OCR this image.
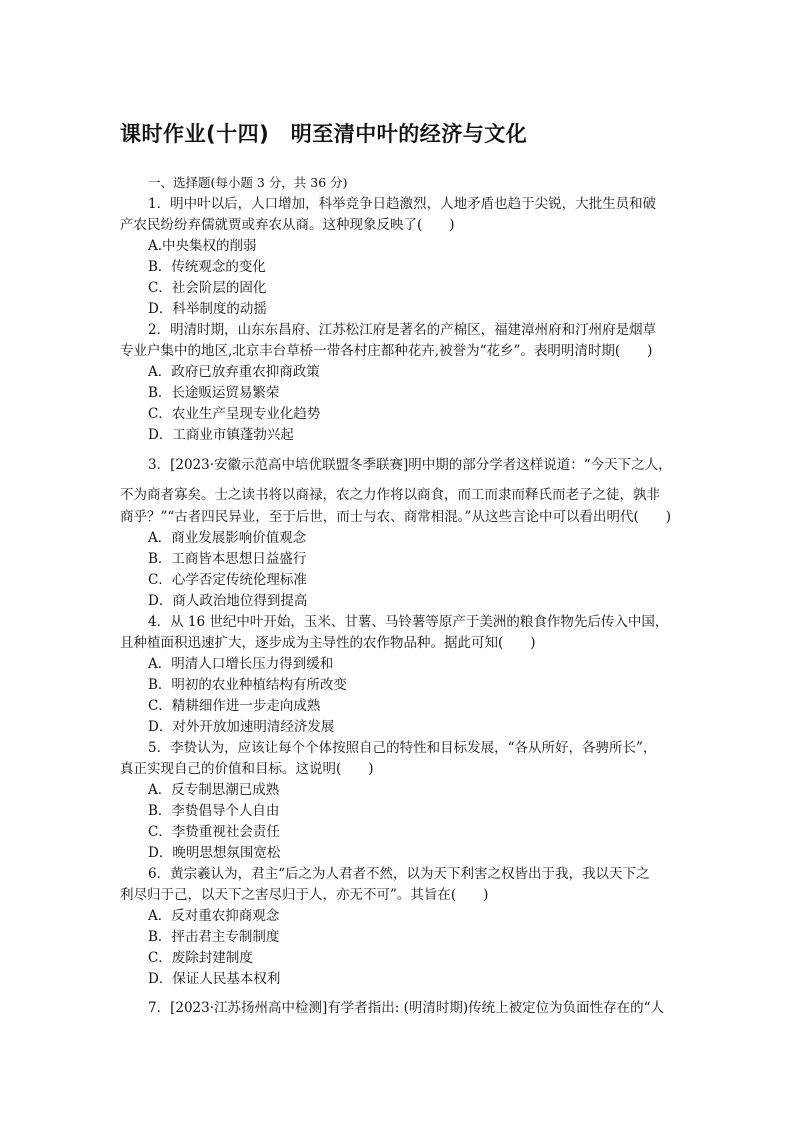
课时作业(十四)　明至清中叶的经济与文化
一、选择题(每小题 3 分，共 36 分)
1．明中叶以后，人口增加，科举竞争日趋激烈，人地矛盾也趋于尖锐，大批生员和破
产农民纷纷弃儒就贾或弃农从商。这种现象反映了(　　)
A.中央集权的削弱
B．传统观念的变化
C．社会阶层的固化
D．科举制度的动摇
2．明清时期，山东东昌府、江苏松江府是著名的产棉区，福建漳州府和汀州府是烟草
专业户集中的地区,北京丰台草桥一带各村庄都种花卉,被誉为“花乡”。表明明清时期(　　)
A．政府已放弃重农抑商政策
B．长途贩运贸易繁荣
C．农业生产呈现专业化趋势
D．工商业市镇蓬勃兴起
3．[2023·安徽示范高中培优联盟冬季联赛]明中期的部分学者这样说道：“今天下之人，
不为商者寡矣。士之读书将以商禄，农之力作将以商食，而工而隶而释氏而老子之徒，孰非
商乎？”“古者四民异业，至于后世，而士与农、商常相混。”从这些言论中可以看出明代(　　)
A．商业发展影响价值观念
B．工商皆本思想日益盛行
C．心学否定传统伦理标准
D．商人政治地位得到提高
4．从 16 世纪中叶开始，玉米、甘薯、马铃薯等原产于美洲的粮食作物先后传入中国，
且种植面积迅速扩大，逐步成为主导性的农作物品种。据此可知(　　)
A．明清人口增长压力得到缓和
B．明初的农业种植结构有所改变
C．精耕细作进一步走向成熟
D．对外开放加速明清经济发展
5．李贽认为，应该让每个个体按照自己的特性和目标发展，“各从所好，各骋所长”，
真正实现自己的价值和目标。这说明(　　)
A．反专制思潮已成熟
B．李贽倡导个人自由
C．李贽重视社会责任
D．晚明思想氛围宽松
6．黄宗羲认为，君主“后之为人君者不然，以为天下利害之权皆出于我，我以天下之
利尽归于己，以天下之害尽归于人，亦无不可”。其旨在(　　)
A．反对重农抑商观念
B．抨击君主专制制度
C．废除封建制度
D．保证人民基本权利
7．[2023·江苏扬州高中检测]有学者指出: (明清时期)传统上被定位为负面性存在的“人
